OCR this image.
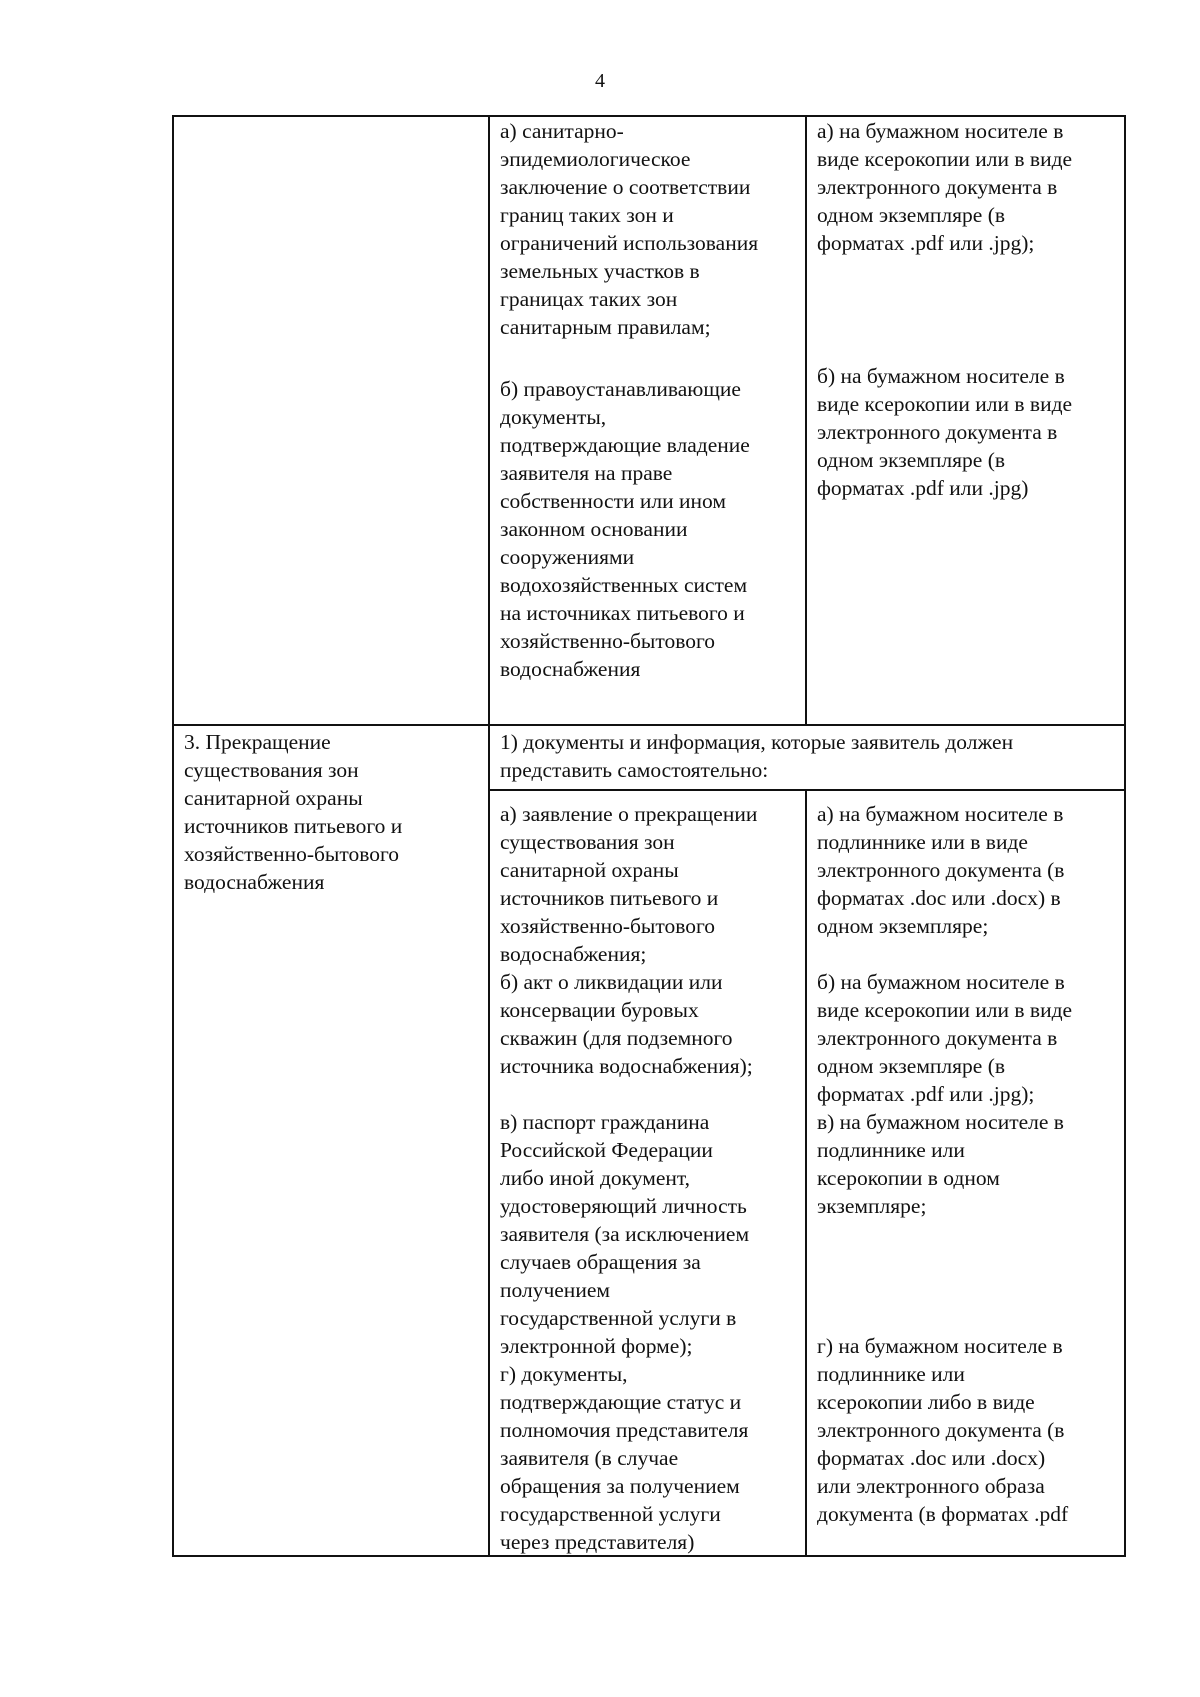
4
а) санитарно-
эпидемиологическое
заключение о соответствии
границ таких зон и
ограничений использования
земельных участков в
границах таких зон
санитарным правилам;
а) на бумажном носителе в
виде ксерокопии или в виде
электронного документа в
одном экземпляре (в
форматах .pdf или .jpg);
б) правоустанавливающие
документы,
подтверждающие владение
заявителя на праве
собственности или ином
законном основании
сооружениями
водохозяйственных систем
на источниках питьевого и
хозяйственно-бытового
водоснабжения
б) на бумажном носителе в
виде ксерокопии или в виде
электронного документа в
одном экземпляре (в
форматах .pdf или .jpg)
3. Прекращение
существования зон
санитарной охраны
источников питьевого и
хозяйственно-бытового
водоснабжения
1) документы и информация, которые заявитель должен
представить самостоятельно:
а) заявление о прекращении
существования зон
санитарной охраны
источников питьевого и
хозяйственно-бытового
водоснабжения;
б) акт о ликвидации или
консервации буровых
скважин (для подземного
источника водоснабжения);
в) паспорт гражданина
Российской Федерации
либо иной документ,
удостоверяющий личность
заявителя (за исключением
случаев обращения за
получением
государственной услуги в
электронной форме);
г) документы,
подтверждающие статус и
полномочия представителя
заявителя (в случае
обращения за получением
государственной услуги
через представителя)
а) на бумажном носителе в
подлиннике или в виде
электронного документа (в
форматах .doc или .docx) в
одном экземпляре;
б) на бумажном носителе в
виде ксерокопии или в виде
электронного документа в
одном экземпляре (в
форматах .pdf или .jpg);
в) на бумажном носителе в
подлиннике или
ксерокопии в одном
экземпляре;
г) на бумажном носителе в
подлиннике или
ксерокопии либо в виде
электронного документа (в
форматах .doc или .docx)
или электронного образа
документа (в форматах .pdf
